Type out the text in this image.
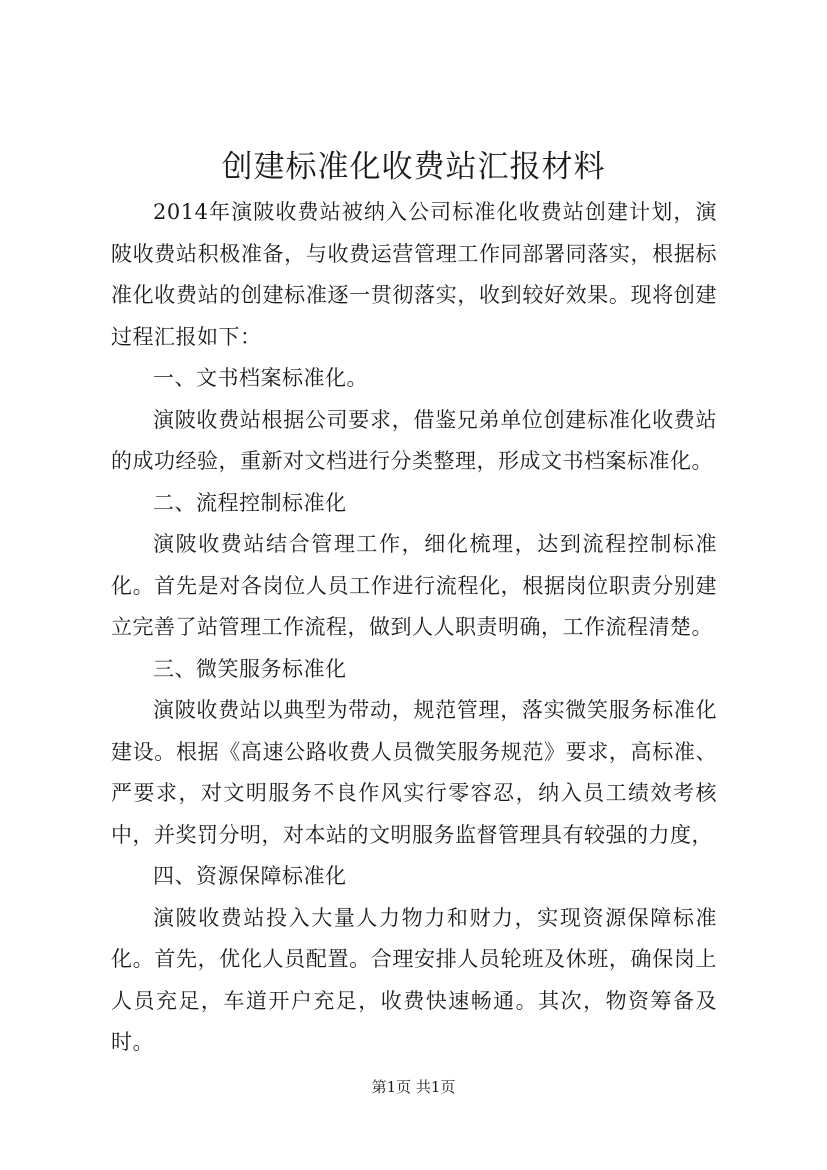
创建标准化收费站汇报材料

2014年演陂收费站被纳入公司标准化收费站创建计划，演陂收费站积极准备，与收费运营管理工作同部署同落实，根据标准化收费站的创建标准逐一贯彻落实，收到较好效果。现将创建过程汇报如下：

一、文书档案标准化。

演陂收费站根据公司要求，借鉴兄弟单位创建标准化收费站的成功经验，重新对文档进行分类整理，形成文书档案标准化。

二、流程控制标准化

演陂收费站结合管理工作，细化梳理，达到流程控制标准化。首先是对各岗位人员工作进行流程化，根据岗位职责分别建立完善了站管理工作流程，做到人人职责明确，工作流程清楚。

三、微笑服务标准化

演陂收费站以典型为带动，规范管理，落实微笑服务标准化建设。根据《高速公路收费人员微笑服务规范》要求，高标准、严要求，对文明服务不良作风实行零容忍，纳入员工绩效考核中，并奖罚分明，对本站的文明服务监督管理具有较强的力度，

四、资源保障标准化

演陂收费站投入大量人力物力和财力，实现资源保障标准化。首先，优化人员配置。合理安排人员轮班及休班，确保岗上人员充足，车道开户充足，收费快速畅通。其次，物资筹备及时。

第1页 共1页
